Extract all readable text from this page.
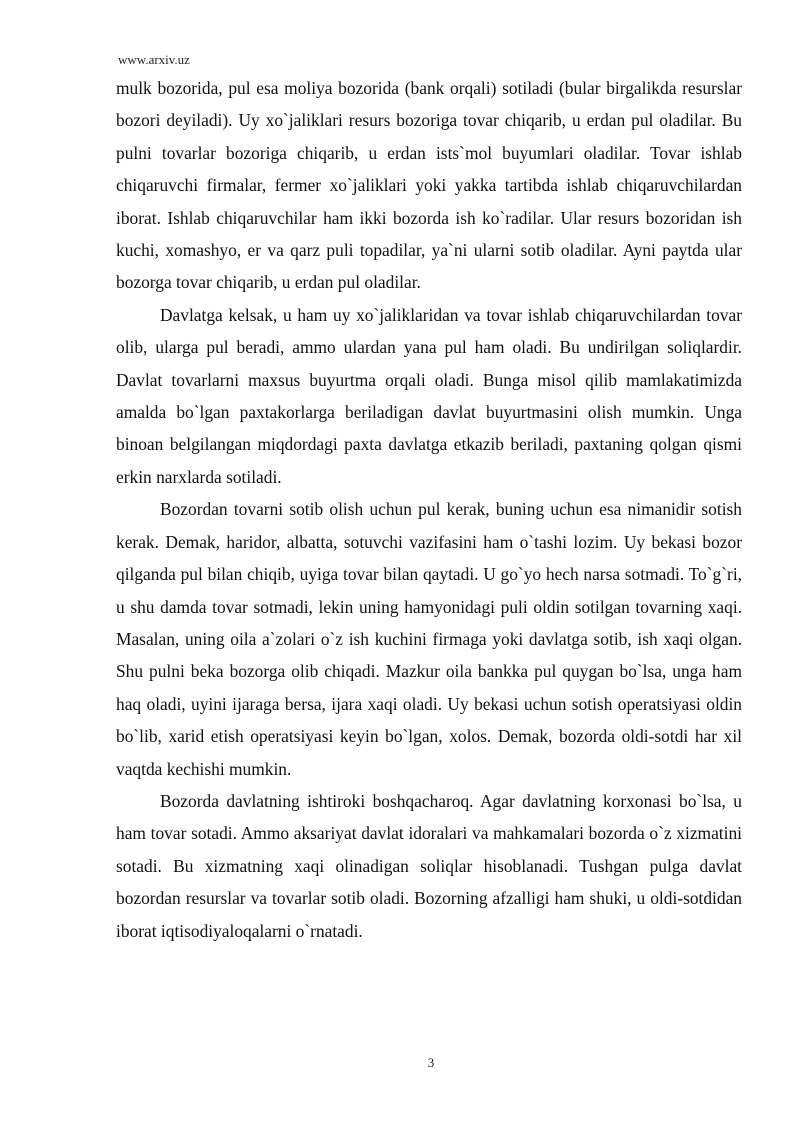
www.arxiv.uz

mulk bozorida, pul esa moliya bozorida (bank orqali) sotiladi (bular birgalikda resurslar bozori deyiladi). Uy xo`jaliklari resurs bozoriga tovar chiqarib, u erdan pul oladilar. Bu pulni tovarlar bozoriga chiqarib, u erdan ists`mol buyumlari oladilar. Tovar ishlab chiqaruvchi firmalar, fermer xo`jaliklari yoki yakka tartibda ishlab chiqaruvchilardan iborat. Ishlab chiqaruvchilar ham ikki bozorda ish ko`radilar. Ular resurs bozoridan ish kuchi, xomashyo, er va qarz puli topadilar, ya`ni ularni sotib oladilar. Ayni paytda ular bozorga tovar chiqarib, u erdan pul oladilar.

Davlatga kelsak, u ham uy xo`jaliklaridan va tovar ishlab chiqaruvchilardan tovar olib, ularga pul beradi, ammo ulardan yana pul ham oladi. Bu undirilgan soliqlardir. Davlat tovarlarni maxsus buyurtma orqali oladi. Bunga misol qilib mamlakatimizda amalda bo`lgan paxtakorlarga beriladigan davlat buyurtmasini olish mumkin. Unga binoan belgilangan miqdordagi paxta davlatga etkazib beriladi, paxtaning qolgan qismi erkin narxlarda sotiladi.

Bozordan tovarni sotib olish uchun pul kerak, buning uchun esa nimanidir sotish kerak. Demak, haridor, albatta, sotuvchi vazifasini ham o`tashi lozim. Uy bekasi bozor qilganda pul bilan chiqib, uyiga tovar bilan qaytadi. U go`yo hech narsa sotmadi. To`g`ri, u shu damda tovar sotmadi, lekin uning hamyonidagi puli oldin sotilgan tovarning xaqi. Masalan, uning oila a`zolari o`z ish kuchini firmaga yoki davlatga sotib, ish xaqi olgan. Shu pulni beka bozorga olib chiqadi. Mazkur oila bankka pul quygan bo`lsa, unga ham haq oladi, uyini ijaraga bersa, ijara xaqi oladi. Uy bekasi uchun sotish operatsiyasi oldin bo`lib, xarid etish operatsiyasi keyin bo`lgan, xolos. Demak, bozorda oldi-sotdi har xil vaqtda kechishi mumkin.

Bozorda davlatning ishtiroki boshqacharoq. Agar davlatning korxonasi bo`lsa, u ham tovar sotadi. Ammo aksariyat davlat idoralari va mahkamalari bozorda o`z xizmatini sotadi. Bu xizmatning xaqi olinadigan soliqlar hisoblanadi. Tushgan pulga davlat bozordan resurslar va tovarlar sotib oladi. Bozorning afzalligi ham shuki, u oldi-sotdidan iborat iqtisodiyaloqalarni o`rnatadi.

3
